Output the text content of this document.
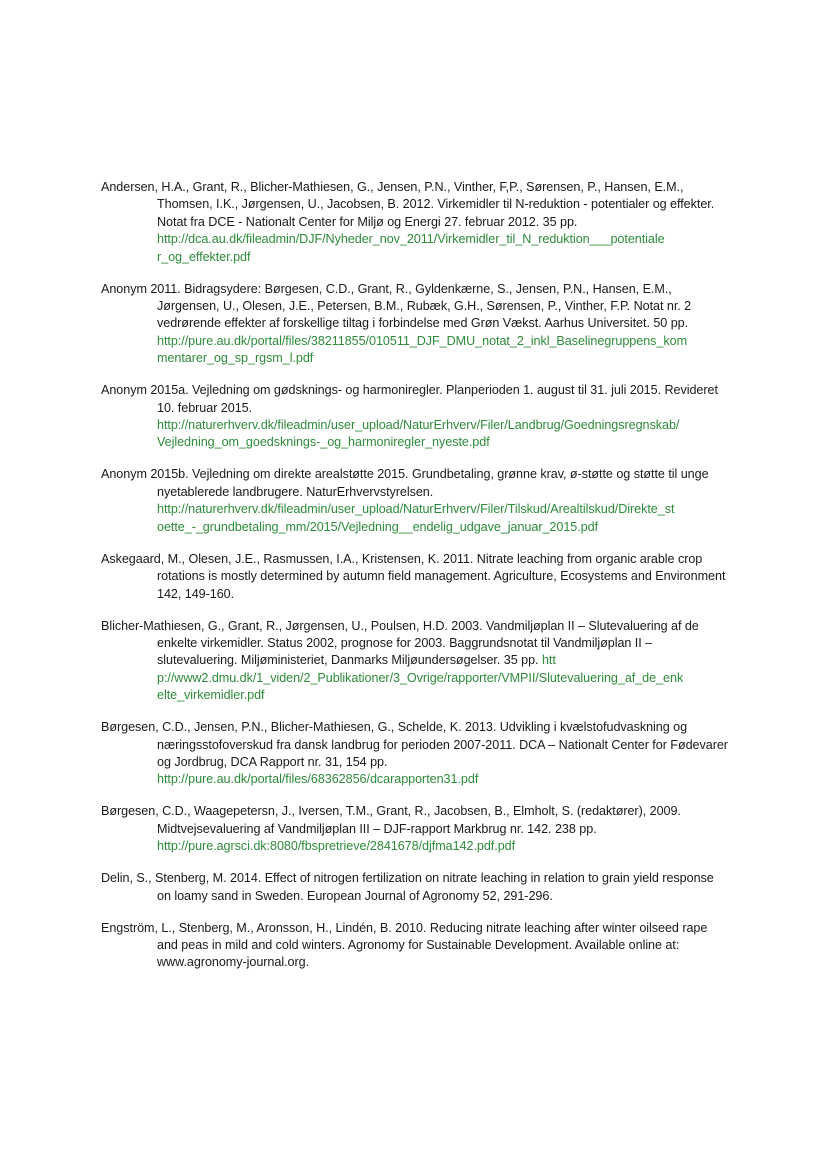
Andersen, H.A., Grant, R., Blicher-Mathiesen, G., Jensen, P.N., Vinther, F,P., Sørensen, P., Hansen, E.M., Thomsen, I.K., Jørgensen, U., Jacobsen, B. 2012. Virkemidler til N-reduktion - potentialer og effekter. Notat fra DCE - Nationalt Center for Miljø og Energi 27. februar 2012. 35 pp.
http://dca.au.dk/fileadmin/DJF/Nyheder_nov_2011/Virkemidler_til_N_reduktion___potentiale
r_og_effekter.pdf

Anonym 2011. Bidragsydere: Børgesen, C.D., Grant, R., Gyldenkærne, S., Jensen, P.N., Hansen, E.M., Jørgensen, U., Olesen, J.E., Petersen, B.M., Rubæk, G.H., Sørensen, P., Vinther, F.P. Notat nr. 2 vedrørende effekter af forskellige tiltag i forbindelse med Grøn Vækst. Aarhus Universitet. 50 pp.
http://pure.au.dk/portal/files/38211855/010511_DJF_DMU_notat_2_inkl_Baselinegruppens_kom
mentarer_og_sp_rgsm_l.pdf

Anonym 2015a. Vejledning om gødsknings- og harmoniregler. Planperioden 1. august til 31. juli 2015. Revideret 10. februar 2015.
http://naturerhverv.dk/fileadmin/user_upload/NaturErhverv/Filer/Landbrug/Goedningsregnskab/
Vejledning_om_goedsknings-_og_harmoniregler_nyeste.pdf

Anonym 2015b. Vejledning om direkte arealstøtte 2015. Grundbetaling, grønne krav, ø-støtte og støtte til unge nyetablerede landbrugere. NaturErhvervstyrelsen.
http://naturerhverv.dk/fileadmin/user_upload/NaturErhverv/Filer/Tilskud/Arealtilskud/Direkte_st
oette_-_grundbetaling_mm/2015/Vejledning__endelig_udgave_januar_2015.pdf

Askegaard, M., Olesen, J.E., Rasmussen, I.A., Kristensen, K. 2011. Nitrate leaching from organic arable crop rotations is mostly determined by autumn field management. Agriculture, Ecosystems and Environment 142, 149-160.

Blicher-Mathiesen, G., Grant, R., Jørgensen, U., Poulsen, H.D. 2003. Vandmiljøplan II – Slutevaluering af de enkelte virkemidler. Status 2002, prognose for 2003. Baggrundsnotat til Vandmiljøplan II – slutevaluering. Miljøministeriet, Danmarks Miljøundersøgelser. 35 pp. htt
p://www2.dmu.dk/1_viden/2_Publikationer/3_Ovrige/rapporter/VMPII/Slutevaluering_af_de_enk
elte_virkemidler.pdf

Børgesen, C.D., Jensen, P.N., Blicher-Mathiesen, G., Schelde, K. 2013. Udvikling i kvælstofudvaskning og næringsstofoverskud fra dansk landbrug for perioden 2007-2011. DCA – Nationalt Center for Fødevarer og Jordbrug, DCA Rapport nr. 31, 154 pp.
http://pure.au.dk/portal/files/68362856/dcarapporten31.pdf

Børgesen, C.D., Waagepetersn, J., Iversen, T.M., Grant, R., Jacobsen, B., Elmholt, S. (redaktører), 2009. Midtvejsevaluering af Vandmiljøplan III – DJF-rapport Markbrug nr. 142. 238 pp.
http://pure.agrsci.dk:8080/fbspretrieve/2841678/djfma142.pdf.pdf

Delin, S., Stenberg, M. 2014. Effect of nitrogen fertilization on nitrate leaching in relation to grain yield response on loamy sand in Sweden. European Journal of Agronomy 52, 291-296.

Engström, L., Stenberg, M., Aronsson, H., Lindén, B. 2010. Reducing nitrate leaching after winter oilseed rape and peas in mild and cold winters. Agronomy for Sustainable Development. Available online at: www.agronomy-journal.org.
